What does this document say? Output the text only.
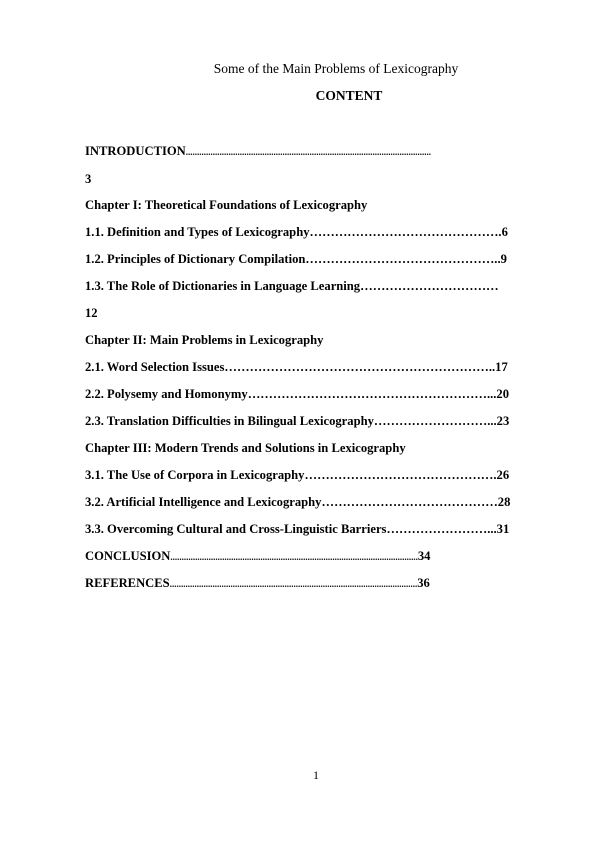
Some of the Main Problems of Lexicography
CONTENT
INTRODUCTION.............................................................................................................
3
Chapter I: Theoretical Foundations of Lexicography
1.1. Definition and Types of Lexicography……………………………………….6
1.2. Principles of Dictionary Compilation………………………………………..9
1.3. The Role of Dictionaries in Language Learning……………………………
12
Chapter II: Main Problems in Lexicography
2.1. Word Selection Issues………………………………………………………..17
2.2. Polysemy and Homonymy…………………………………………………...20
2.3. Translation Difficulties in Bilingual Lexicography………………………...23
Chapter III: Modern Trends and Solutions in Lexicography
3.1. The Use of Corpora in Lexicography……………………………………….26
3.2. Artificial Intelligence and Lexicography……………………………………28
3.3. Overcoming Cultural and Cross-Linguistic Barriers……………………...31
CONCLUSION..............................................................................................................34
REFERENCES..............................................................................................................36
1
